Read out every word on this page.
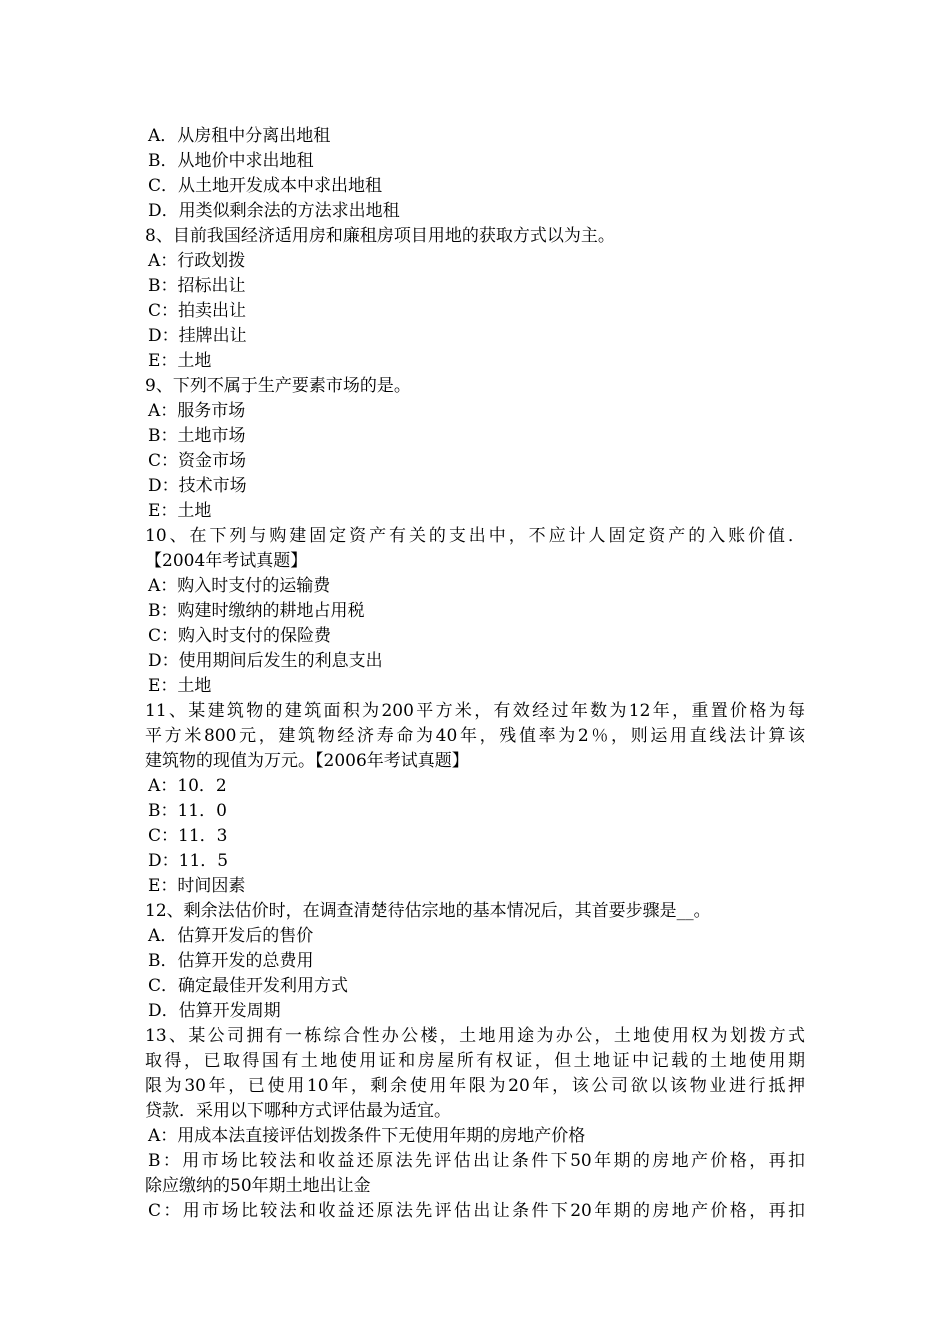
A．从房租中分离出地租
B．从地价中求出地租
C．从土地开发成本中求出地租
D．用类似剩余法的方法求出地租
8、目前我国经济适用房和廉租房项目用地的获取方式以为主。
A：行政划拨
B：招标出让
C：拍卖出让
D：挂牌出让
E：土地
9、下列不属于生产要素市场的是。
A：服务市场
B：土地市场
C：资金市场
D：技术市场
E：土地
10、在下列与购建固定资产有关的支出中，不应计人固定资产的入账价值．
【2004年考试真题】
A：购入时支付的运输费
B：购建时缴纳的耕地占用税
C：购入时支付的保险费
D：使用期间后发生的利息支出
E：土地
11、某建筑物的建筑面积为200平方米，有效经过年数为12年，重置价格为每
平方米800元，建筑物经济寿命为40年，残值率为2％，则运用直线法计算该
建筑物的现值为万元。【2006年考试真题】
A：10．2
B：11．0
C：11．3
D：11．5
E：时间因素
12、剩余法估价时，在调查清楚待估宗地的基本情况后，其首要步骤是__。
A．估算开发后的售价
B．估算开发的总费用
C．确定最佳开发利用方式
D．估算开发周期
13、某公司拥有一栋综合性办公楼，土地用途为办公，土地使用权为划拨方式
取得，已取得国有土地使用证和房屋所有权证，但土地证中记载的土地使用期
限为30年，已使用10年，剩余使用年限为20年，该公司欲以该物业进行抵押
贷款．采用以下哪种方式评估最为适宜。
A：用成本法直接评估划拨条件下无使用年期的房地产价格
B：用市场比较法和收益还原法先评估出让条件下50年期的房地产价格，再扣
除应缴纳的50年期土地出让金
C：用市场比较法和收益还原法先评估出让条件下20年期的房地产价格，再扣
